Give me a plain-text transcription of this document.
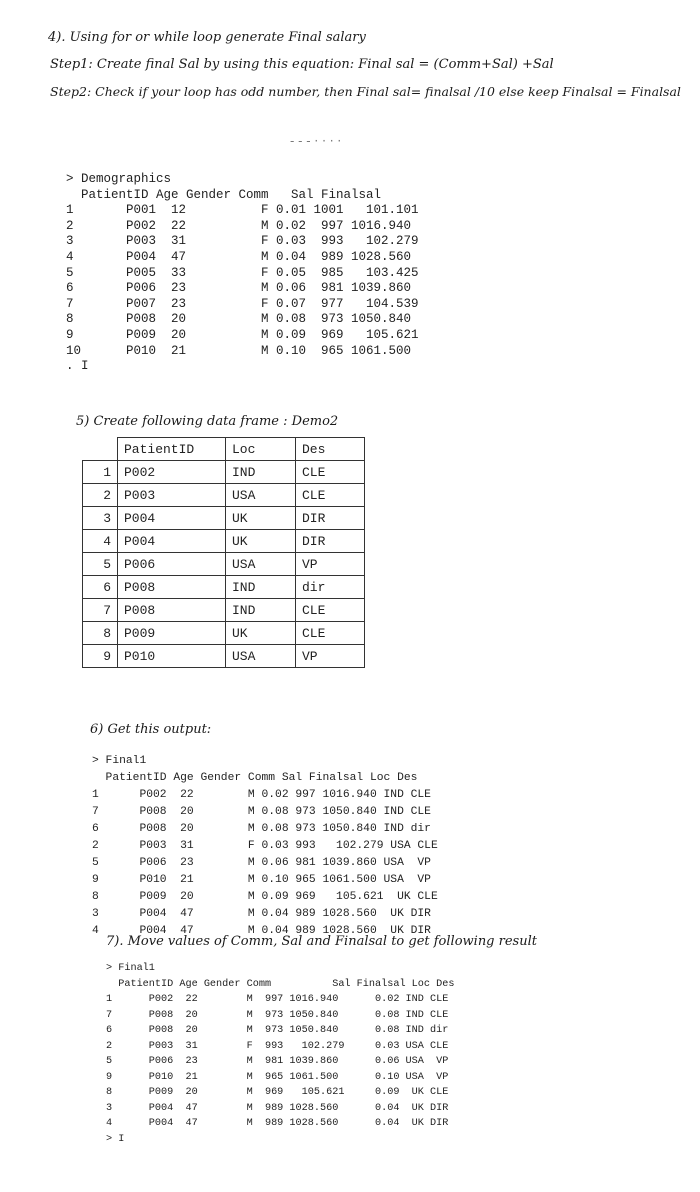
4). Using for or while loop generate Final salary
Step1: Create final Sal by using this equation: Final sal = (Comm+Sal) +Sal
Step2: Check if your loop has odd number, then Final sal= finalsal /10 else keep Finalsal = Finalsal
- - - · · · ·
> Demographics
PatientID Age Gender Comm   Sal Finalsal
1       P001  12          F 0.01 1001   101.101
2       P002  22          M 0.02  997 1016.940
3       P003  31          F 0.03  993   102.279
4       P004  47          M 0.04  989 1028.560
5       P005  33          F 0.05  985   103.425
6       P006  23          M 0.06  981 1039.860
7       P007  23          F 0.07  977   104.539
8       P008  20          M 0.08  973 1050.840
9       P009  20          M 0.09  969   105.621
10      P010  21          M 0.10  965 1061.500
. I
5) Create following data frame : Demo2
	PatientID	Loc	Des
1	P002	IND	CLE
2	P003	USA	CLE
3	P004	UK	DIR
4	P004	UK	DIR
5	P006	USA	VP
6	P008	IND	dir
7	P008	IND	CLE
8	P009	UK	CLE
9	P010	USA	VP
6) Get this output:
> Final1
PatientID Age Gender Comm Sal Finalsal Loc Des
1      P002  22        M 0.02 997 1016.940 IND CLE
7      P008  20        M 0.08 973 1050.840 IND CLE
6      P008  20        M 0.08 973 1050.840 IND dir
2      P003  31        F 0.03 993   102.279 USA CLE
5      P006  23        M 0.06 981 1039.860 USA  VP
9      P010  21        M 0.10 965 1061.500 USA  VP
8      P009  20        M 0.09 969   105.621  UK CLE
3      P004  47        M 0.04 989 1028.560  UK DIR
4      P004  47        M 0.04 989 1028.560  UK DIR
7). Move values of Comm, Sal and Finalsal to get following result
> Final1
PatientID Age Gender Comm          Sal Finalsal Loc Des
1      P002  22        M  997 1016.940      0.02 IND CLE
7      P008  20        M  973 1050.840      0.08 IND CLE
6      P008  20        M  973 1050.840      0.08 IND dir
2      P003  31        F  993   102.279     0.03 USA CLE
5      P006  23        M  981 1039.860      0.06 USA  VP
9      P010  21        M  965 1061.500      0.10 USA  VP
8      P009  20        M  969   105.621     0.09  UK CLE
3      P004  47        M  989 1028.560      0.04  UK DIR
4      P004  47        M  989 1028.560      0.04  UK DIR
> I
